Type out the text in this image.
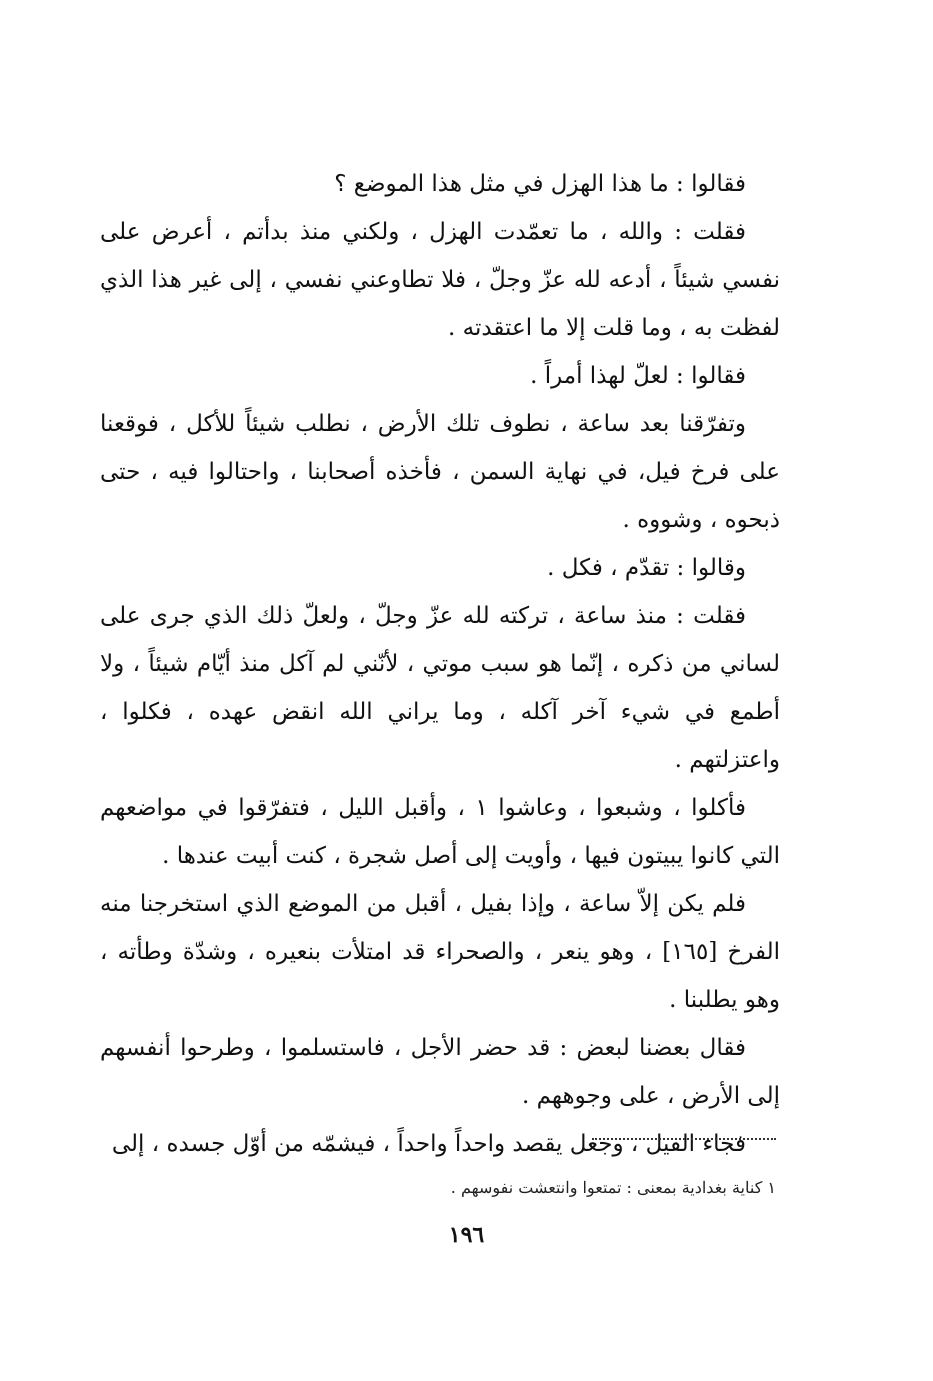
فقالوا : ما هذا الهزل في مثل هذا الموضع ؟

فقلت : والله ، ما تعمّدت الهزل ، ولكني منذ بدأتم ، أعرض على نفسي شيئاً ، أدعه لله عزّ وجلّ ، فلا تطاوعني نفسي ، إلى غير هذا الذي لفظت به ، وما قلت إلا ما اعتقدته .

فقالوا : لعلّ لهذا أمراً .

وتفرّقنا بعد ساعة ، نطوف تلك الأرض ، نطلب شيئاً للأكل ، فوقعنا على فرخ فيل، في نهاية السمن ، فأخذه أصحابنا ، واحتالوا فيه ، حتى ذبحوه ، وشووه .

وقالوا : تقدّم ، فكل .

فقلت : منذ ساعة ، تركته لله عزّ وجلّ ، ولعلّ ذلك الذي جرى على لساني من ذكره ، إنّما هو سبب موتي ، لأنّني لم آكل منذ أيّام شيئاً ، ولا أطمع في شيء آخر آكله ، وما يراني الله انقض عهده ، فكلوا ، واعتزلتهم .

فأكلوا ، وشبعوا ، وعاشوا ١ ، وأقبل الليل ، فتفرّقوا في مواضعهم التي كانوا يبيتون فيها ، وأويت إلى أصل شجرة ، كنت أبيت عندها .

فلم يكن إلاّ ساعة ، وإذا بفيل ، أقبل من الموضع الذي استخرجنا منه الفرخ [١٦٥] ، وهو ينعر ، والصحراء قد امتلأت بنعيره ، وشدّة وطأته ، وهو يطلبنا .

فقال بعضنا لبعض : قد حضر الأجل ، فاستسلموا ، وطرحوا أنفسهم إلى الأرض ، على وجوههم .

فجاء الفيل ، وجعل يقصد واحداً واحداً ، فيشمّه من أوّل جسده ، إلى

١ كناية بغدادية بمعنى : تمتعوا وانتعشت نفوسهم .
١٩٦
